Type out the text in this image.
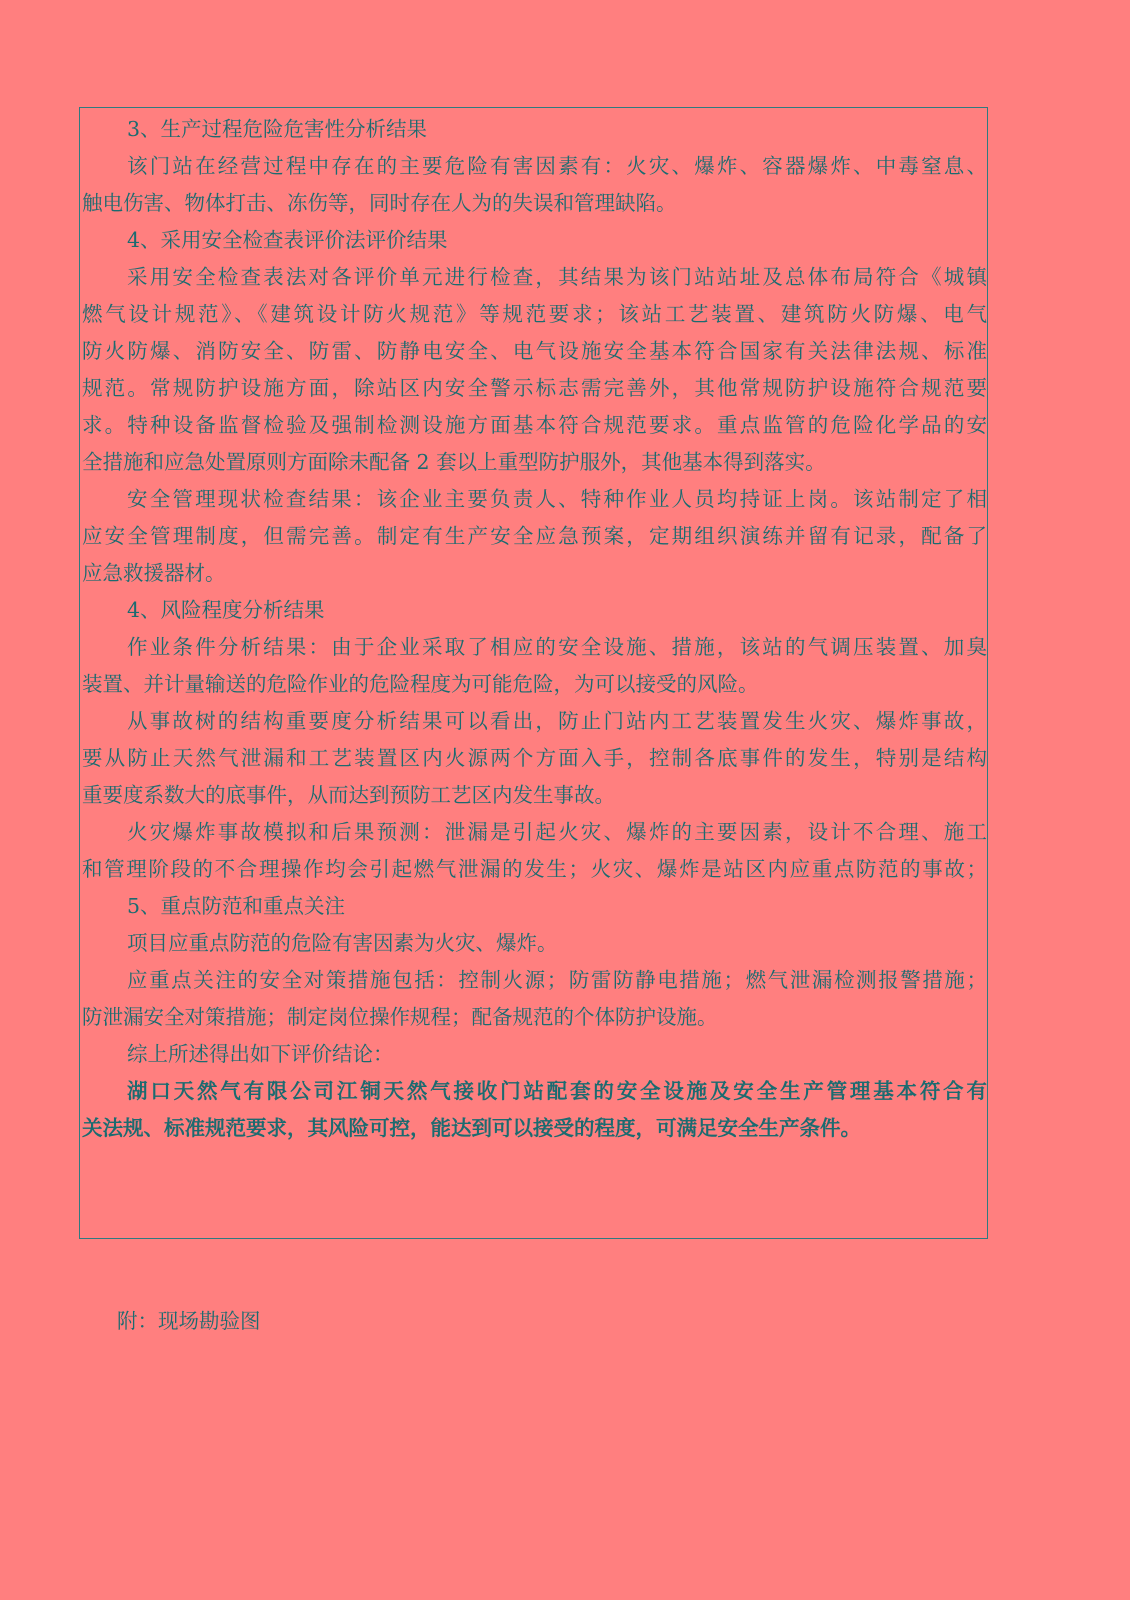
3、生产过程危险危害性分析结果
该门站在经营过程中存在的主要危险有害因素有：火灾、爆炸、容器爆炸、中毒窒息、
触电伤害、物体打击、冻伤等，同时存在人为的失误和管理缺陷。
4、采用安全检查表评价法评价结果
采用安全检查表法对各评价单元进行检查，其结果为该门站站址及总体布局符合《城镇
燃气设计规范》、《建筑设计防火规范》等规范要求；该站工艺装置、建筑防火防爆、电气
防火防爆、消防安全、防雷、防静电安全、电气设施安全基本符合国家有关法律法规、标准
规范。常规防护设施方面，除站区内安全警示标志需完善外，其他常规防护设施符合规范要
求。特种设备监督检验及强制检测设施方面基本符合规范要求。重点监管的危险化学品的安
全措施和应急处置原则方面除未配备 2 套以上重型防护服外，其他基本得到落实。
安全管理现状检查结果：该企业主要负责人、特种作业人员均持证上岗。该站制定了相
应安全管理制度，但需完善。制定有生产安全应急预案，定期组织演练并留有记录，配备了
应急救援器材。
4、风险程度分析结果
作业条件分析结果：由于企业采取了相应的安全设施、措施，该站的气调压装置、加臭
装置、并计量输送的危险作业的危险程度为可能危险，为可以接受的风险。
从事故树的结构重要度分析结果可以看出，防止门站内工艺装置发生火灾、爆炸事故，
要从防止天然气泄漏和工艺装置区内火源两个方面入手，控制各底事件的发生，特别是结构
重要度系数大的底事件，从而达到预防工艺区内发生事故。
火灾爆炸事故模拟和后果预测：泄漏是引起火灾、爆炸的主要因素，设计不合理、施工
和管理阶段的不合理操作均会引起燃气泄漏的发生；火灾、爆炸是站区内应重点防范的事故；
5、重点防范和重点关注
项目应重点防范的危险有害因素为火灾、爆炸。
应重点关注的安全对策措施包括：控制火源；防雷防静电措施；燃气泄漏检测报警措施；
防泄漏安全对策措施；制定岗位操作规程；配备规范的个体防护设施。
综上所述得出如下评价结论：
湖口天然气有限公司江铜天然气接收门站配套的安全设施及安全生产管理基本符合有
关法规、标准规范要求，其风险可控，能达到可以接受的程度，可满足安全生产条件。
附：现场勘验图
